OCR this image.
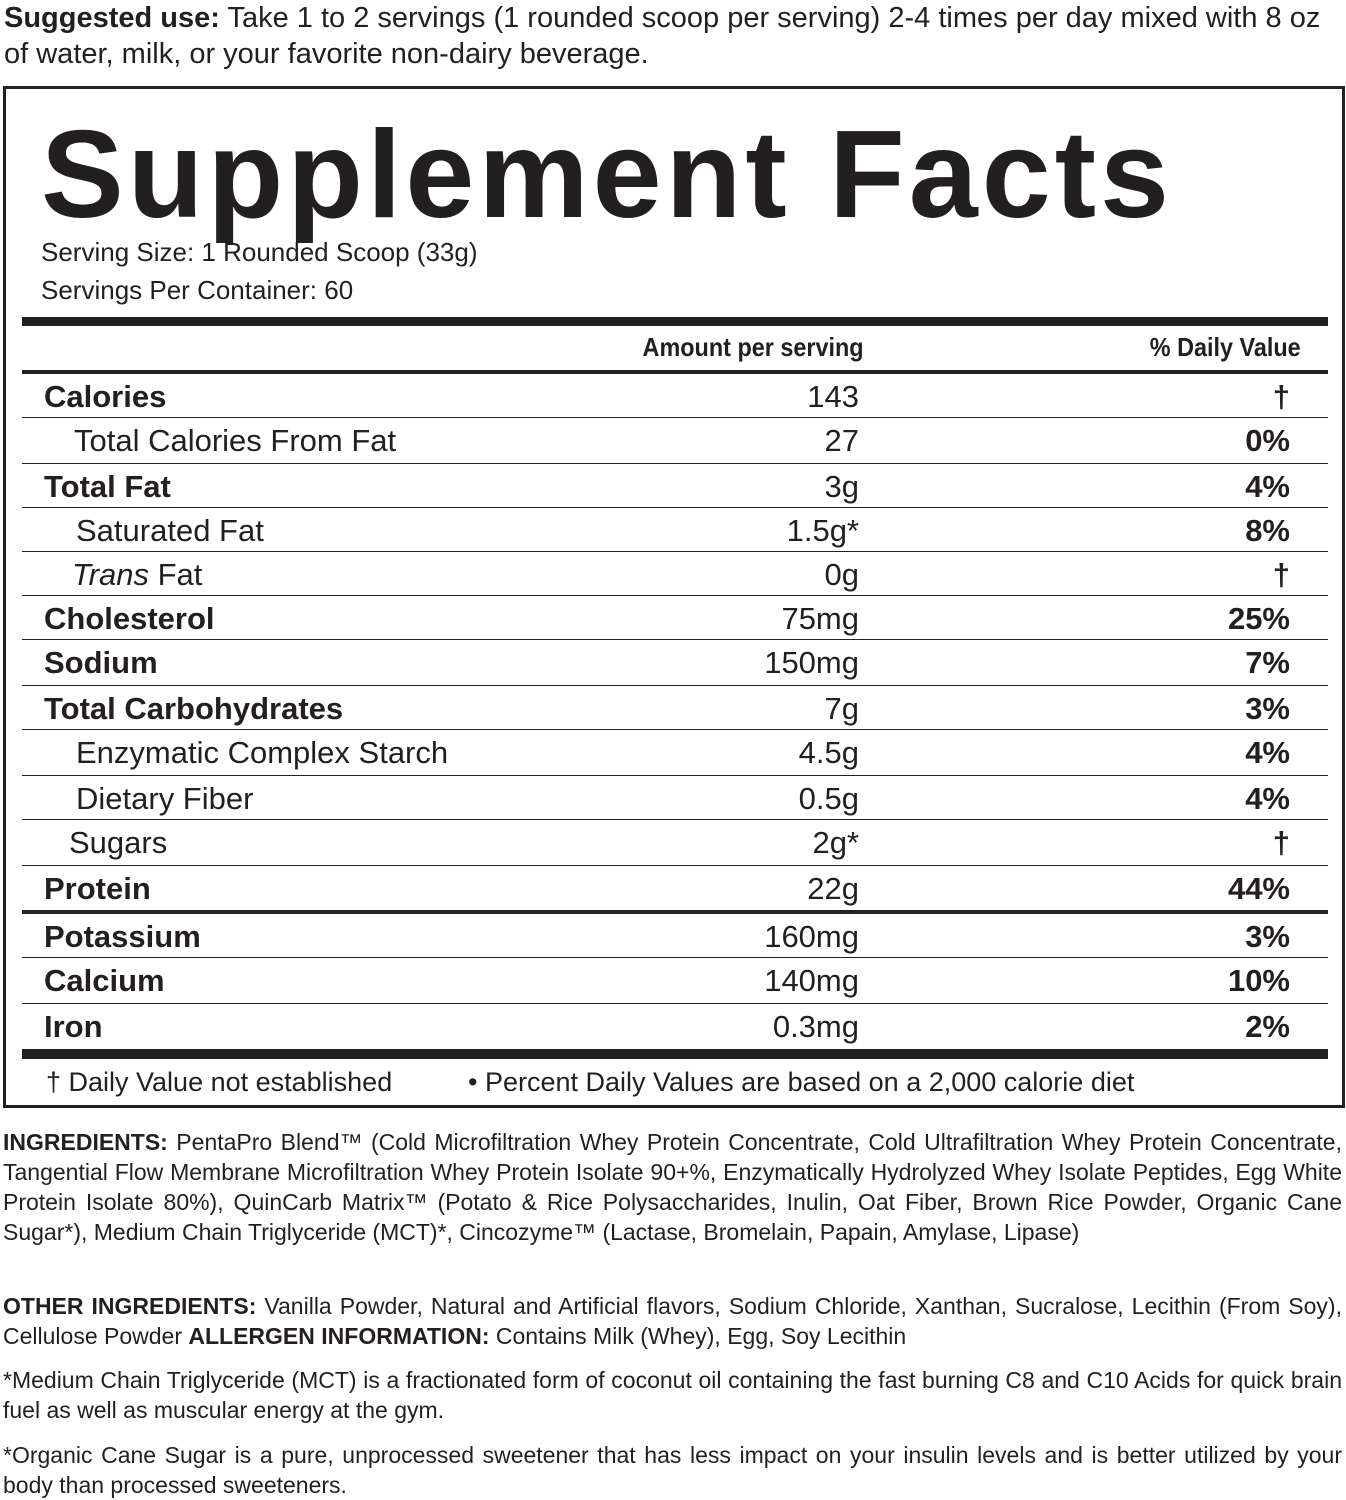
Suggested use: Take 1 to 2 servings (1 rounded scoop per serving) 2-4 times per day mixed with 8 oz of water, milk, or your favorite non-dairy beverage.
Supplement Facts
Serving Size: 1 Rounded Scoop (33g)
Servings Per Container: 60
Amount per serving	% Daily Value
Calories	143	†
Total Calories From Fat	27	0%
Total Fat	3g	4%
Saturated Fat	1.5g*	8%
Trans Fat	0g	†
Cholesterol	75mg	25%
Sodium	150mg	7%
Total Carbohydrates	7g	3%
Enzymatic Complex Starch	4.5g	4%
Dietary Fiber	0.5g	4%
Sugars	2g*	†
Protein	22g	44%
Potassium	160mg	3%
Calcium	140mg	10%
Iron	0.3mg	2%
† Daily Value not established	• Percent Daily Values are based on a 2,000 calorie diet
INGREDIENTS: PentaPro Blend™ (Cold Microfiltration Whey Protein Concentrate, Cold Ultrafiltration Whey Protein Concentrate, Tangential Flow Membrane Microfiltration Whey Protein Isolate 90+%, Enzymatically Hydrolyzed Whey Isolate Peptides, Egg White Protein Isolate 80%), QuinCarb Matrix™ (Potato & Rice Polysaccharides, Inulin, Oat Fiber, Brown Rice Powder, Organic Cane Sugar*), Medium Chain Triglyceride (MCT)*, Cincozyme™ (Lactase, Bromelain, Papain, Amylase, Lipase)
OTHER INGREDIENTS: Vanilla Powder, Natural and Artificial flavors, Sodium Chloride, Xanthan, Sucralose, Lecithin (From Soy), Cellulose Powder ALLERGEN INFORMATION: Contains Milk (Whey), Egg, Soy Lecithin
*Medium Chain Triglyceride (MCT) is a fractionated form of coconut oil containing the fast burning C8 and C10 Acids for quick brain fuel as well as muscular energy at the gym.
*Organic Cane Sugar is a pure, unprocessed sweetener that has less impact on your insulin levels and is better utilized by your body than processed sweeteners.
